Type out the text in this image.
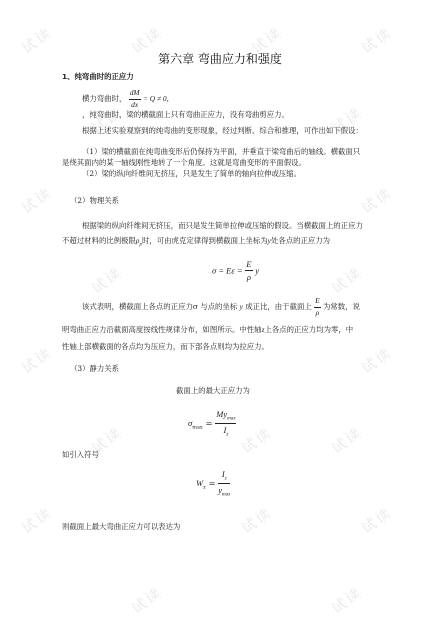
试读	试读	试读	试读
试读	试读
试读	试读
试读	试读
试读	试读
试读	试读	试读
试读	试读	试读
试读	试读
第六章 弯曲应力和强度
1、纯弯曲时的正应力
横力弯曲时， $\frac{dM}{dx} = Q \ne 0$，
，纯弯曲时，梁的横截面上只有弯曲正应力，没有弯曲剪应力。
根据上述实验观察到的纯弯曲的变形现象，经过判断、综合和推理，可作出如下假设：
（1）梁的横截面在纯弯曲变形后仍保持为平面，并垂直于梁弯曲后的轴线。横截面只
是绕其面内的某一轴线刚性地转了一个角度。这就是弯曲变形的平面假设。
（2）梁的纵向纤维间无挤压，只是发生了简单的轴向拉伸或压缩。
（2）物理关系
根据梁的纵向纤维间无挤压，而只是发生简单拉伸或压缩的假设。当横截面上的正应力
不超过材料的比例极限$\rho_p$时，可由虎克定律得到横截面上坐标为y处各点的正应力为
$\sigma = E\varepsilon = \frac{E}{\rho}$ y
该式表明，横截面上各点的正应力σ 与点的坐标 y 成正比，由于截面上 $\frac{E}{\rho}$ 为常数，说
明弯曲正应力沿截面高度按线性规律分布，如图所示。中性轴z上各点的正应力均为零，中
性轴上部横截面的各点均为压应力，而下部各点则均为拉应力。
（3）静力关系
截面上的最大正应力为
$\sigma_{max} = \frac{My_{max}}{I_z}$
如引入符号
$W_z = \frac{I_z}{y_{max}}$
则截面上最大弯曲正应力可以表达为
